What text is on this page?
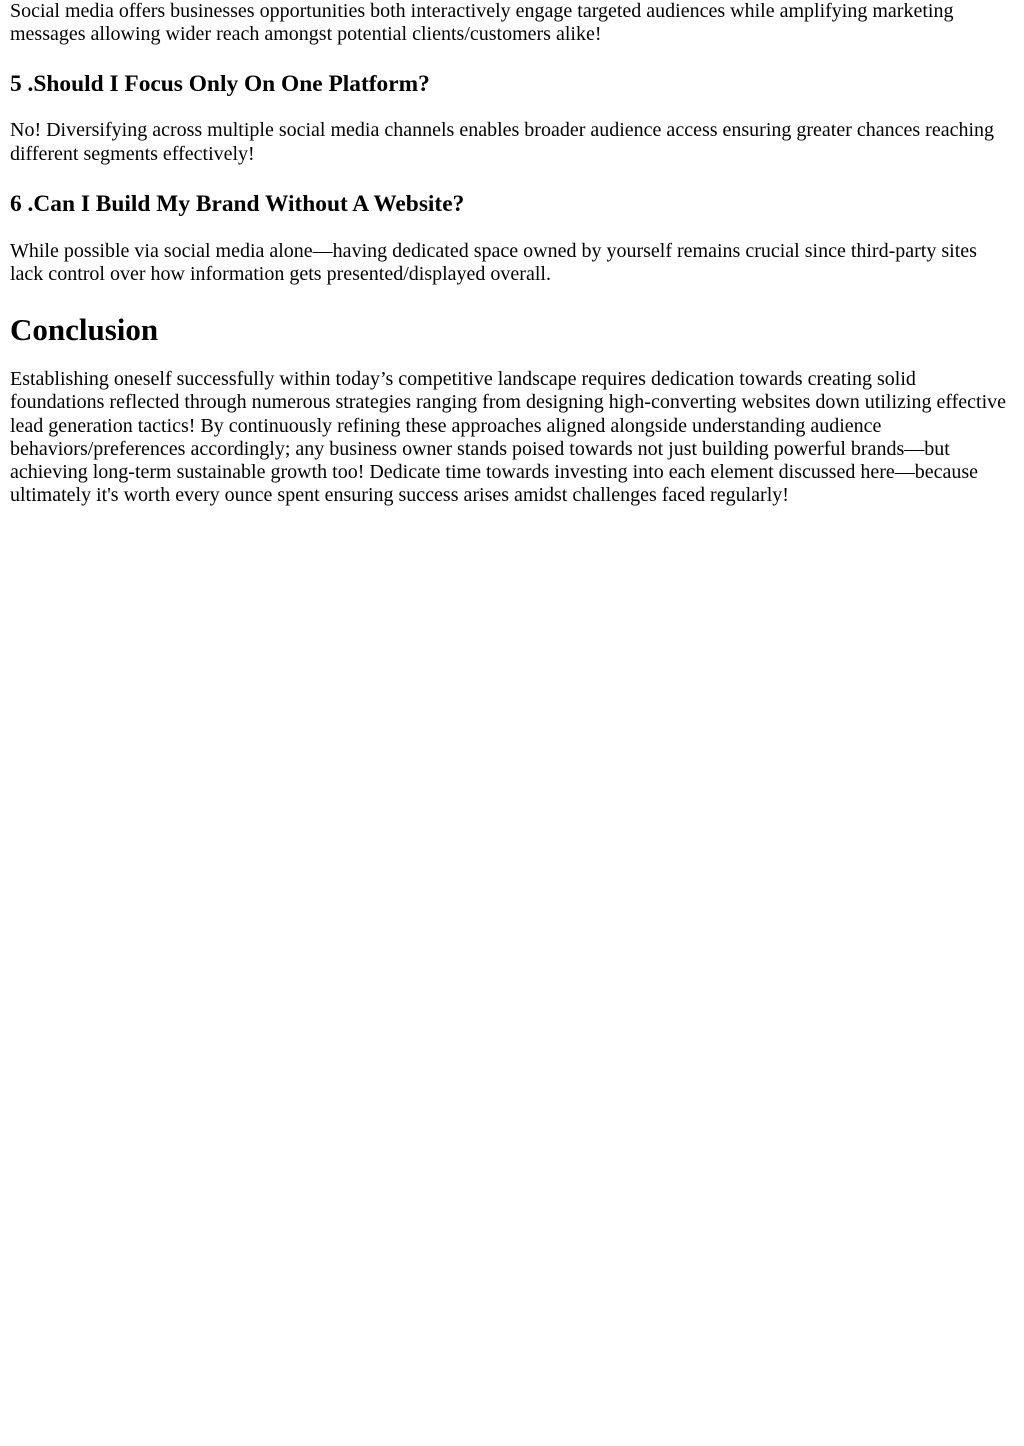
Social media offers businesses opportunities both interactively engage targeted audiences while amplifying marketing messages allowing wider reach amongst potential clients/customers alike!

5 .Should I Focus Only On One Platform?

No! Diversifying across multiple social media channels enables broader audience access ensuring greater chances reaching different segments effectively!

6 .Can I Build My Brand Without A Website?

While possible via social media alone—having dedicated space owned by yourself remains crucial since third-party sites lack control over how information gets presented/displayed overall.

Conclusion

Establishing oneself successfully within today’s competitive landscape requires dedication towards creating solid foundations reflected through numerous strategies ranging from designing high-converting websites down utilizing effective lead generation tactics! By continuously refining these approaches aligned alongside understanding audience behaviors/preferences accordingly; any business owner stands poised towards not just building powerful brands—but achieving long-term sustainable growth too! Dedicate time towards investing into each element discussed here—because ultimately it's worth every ounce spent ensuring success arises amidst challenges faced regularly!
